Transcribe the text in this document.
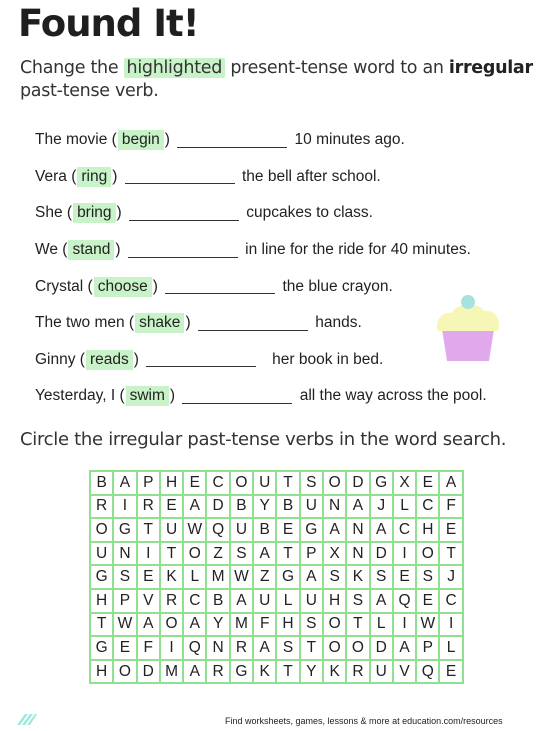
Found It!
Change the highlighted present-tense word to an irregular
past-tense verb.
The movie ( begin )	10 minutes ago.
Vera ( ring )	the bell after school.
She ( bring )	cupcakes to class.
We ( stand )	in line for the ride for 40 minutes.
Crystal ( choose )	the blue crayon.
The two men ( shake )	hands.
Ginny ( reads )	her book in bed.
Yesterday, I ( swim )	all the way across the pool.
Circle the irregular past-tense verbs in the word search.
B A P H E C O U T S O D G X E A
R	I	R E A D B Y B U N A J L C F
O G T U W Q U B E G A N A C H E
U N	I	T O Z S A T P X N D	I O T
G S E K L M W Z G A S K S E S J
H P V R C B A U L U H S A Q E C
T W A O A Y M F H S O T L	I W I
G E F	I Q N R A S T O O D A P L
H O D M A R G K T Y K R U V Q E
Find worksheets, games, lessons & more at education.com/resources
